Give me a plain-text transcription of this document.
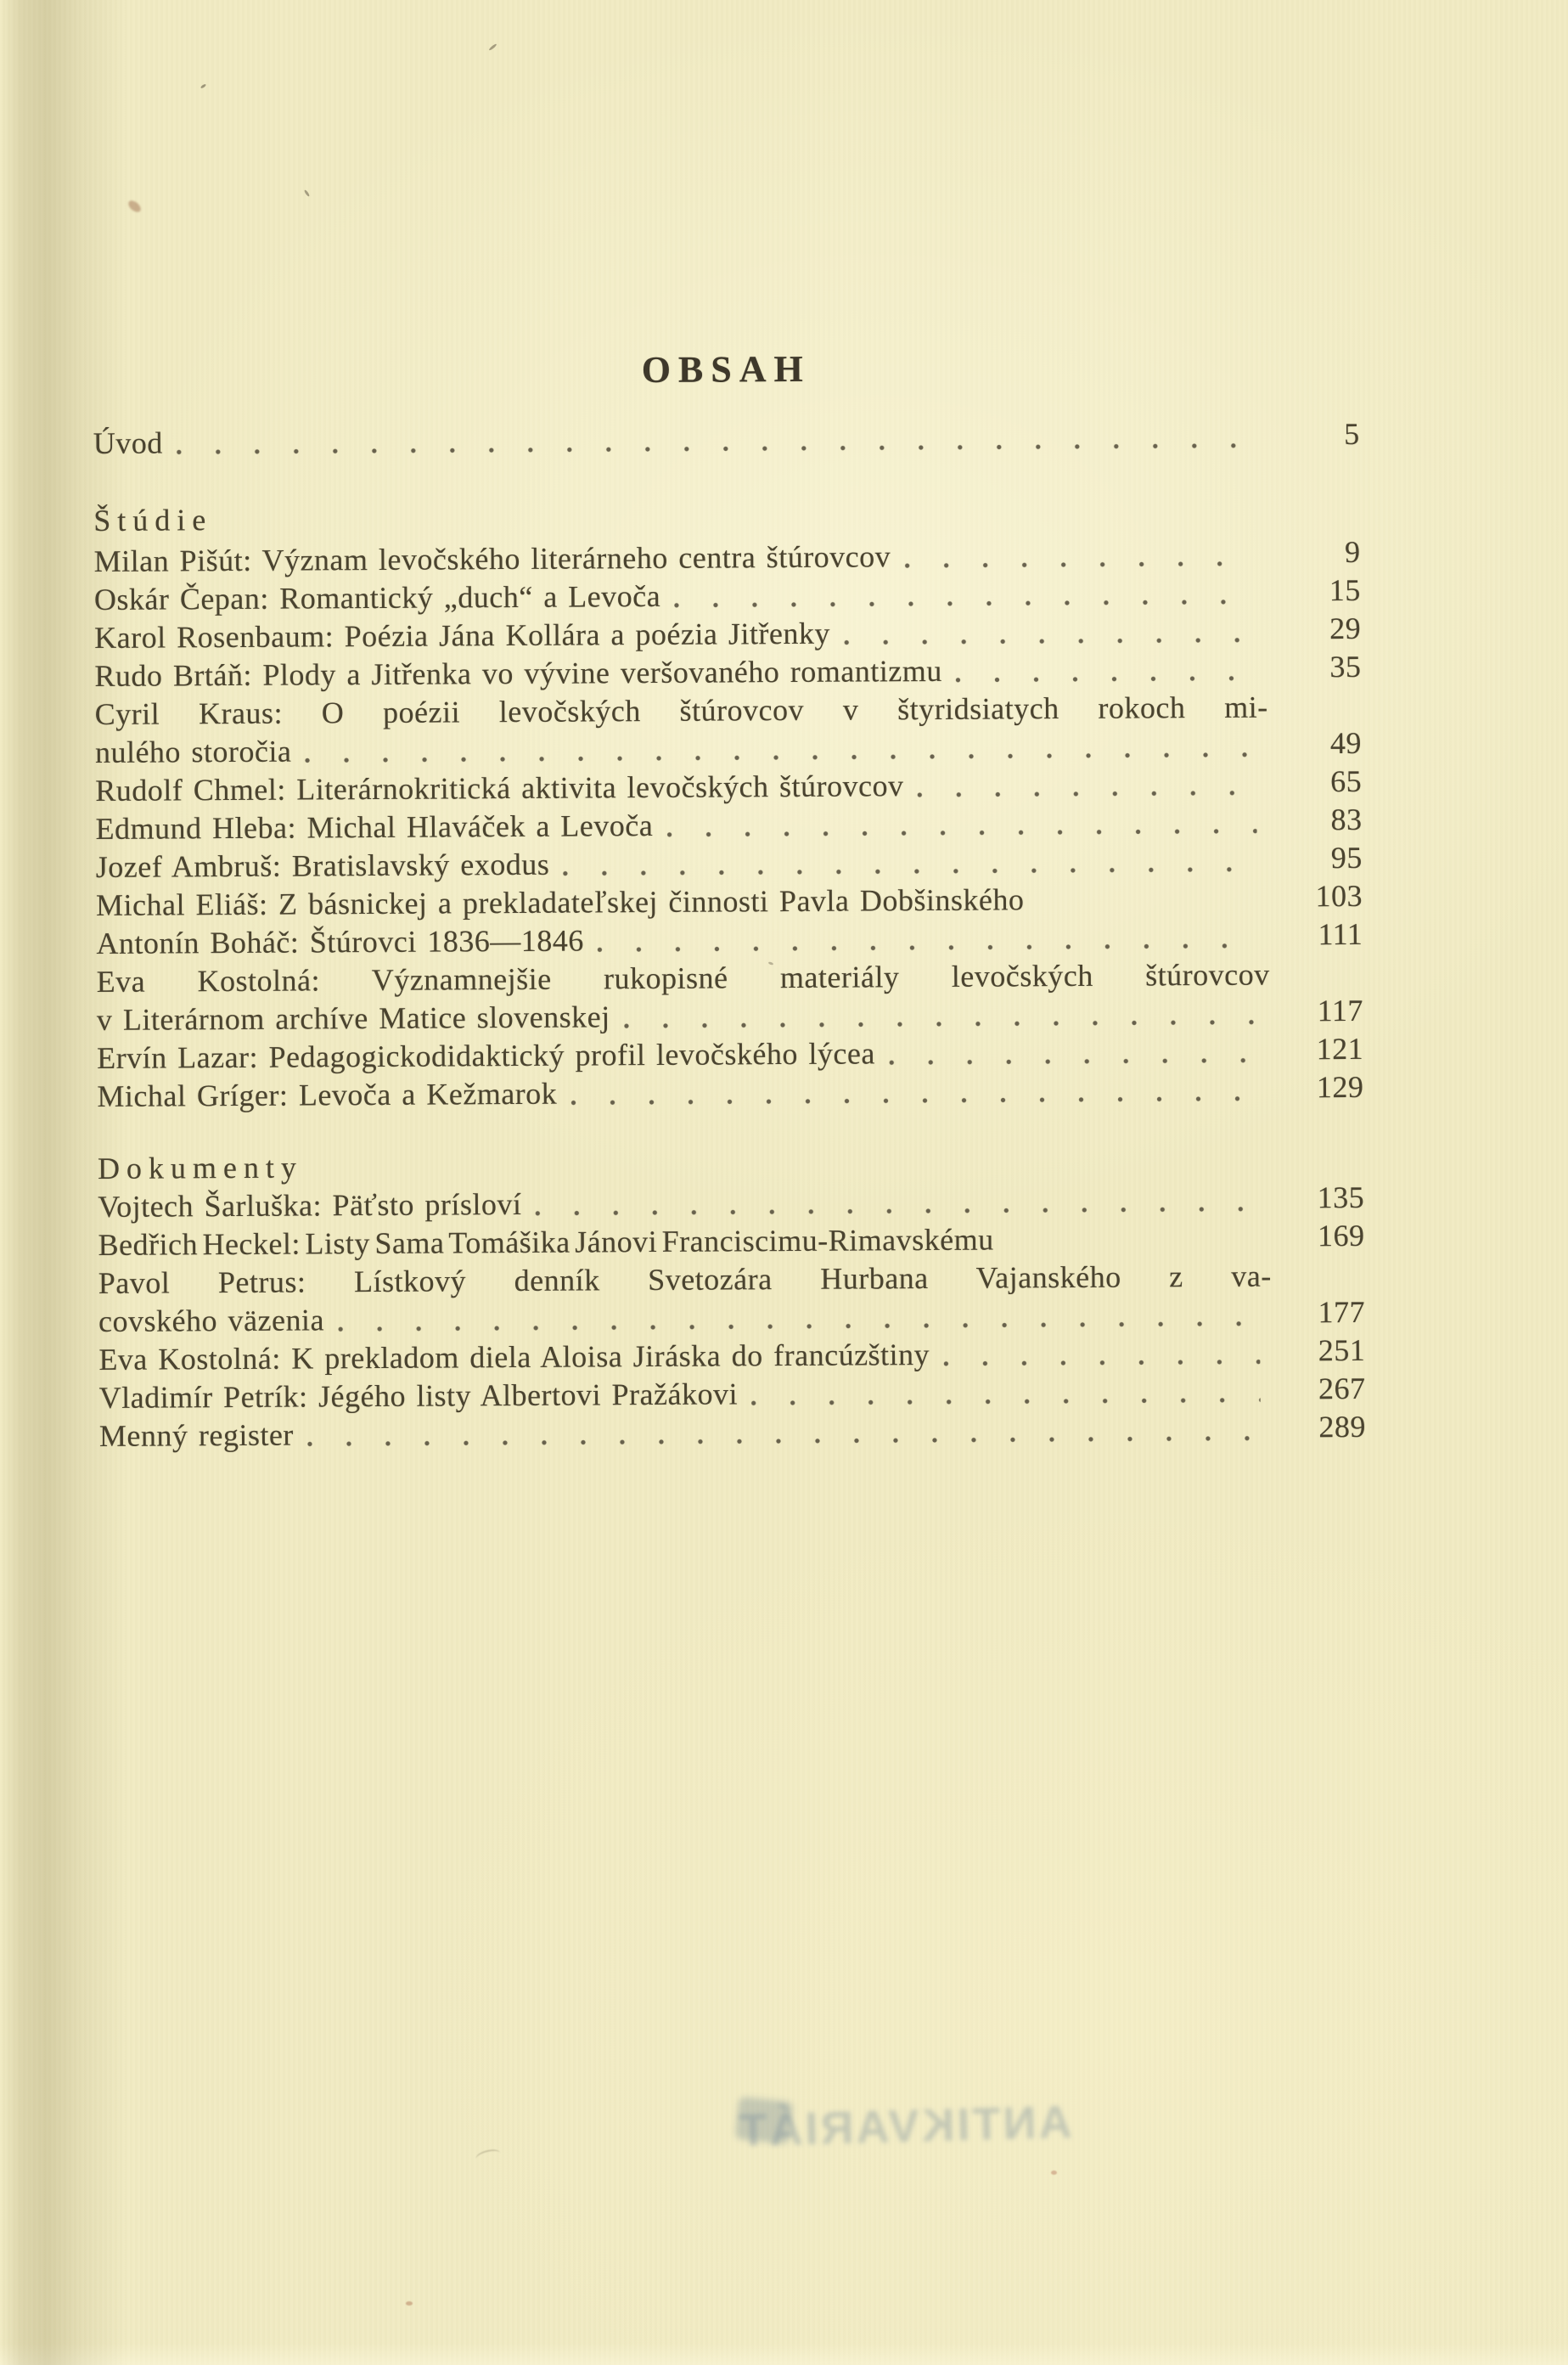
OBSAH
Úvod	5
Štúdie
Milan Pišút: Význam levočského literárneho centra štúrovcov	9
Oskár Čepan: Romantický „duch“ a Levoča	15
Karol Rosenbaum: Poézia Jána Kollára a poézia Jitřenky	29
Rudo Brtáň: Plody a Jitřenka vo vývine veršovaného romantizmu	35
Cyril Kraus: O poézii levočských štúrovcov v štyridsiatych rokoch mi-
nulého storočia	49
Rudolf Chmel: Literárnokritická aktivita levočských štúrovcov	65
Edmund Hleba: Michal Hlaváček a Levoča	83
Jozef Ambruš: Bratislavský exodus	95
Michal Eliáš: Z básnickej a prekladateľskej činnosti Pavla Dobšinského	103
Antonín Boháč: Štúrovci 1836—1846	111
Eva Kostolná: Významnejšie rukopisné materiály levočských štúrovcov
v Literárnom archíve Matice slovenskej	117
Ervín Lazar: Pedagogickodidaktický profil levočského lýcea	121
Michal Gríger: Levoča a Kežmarok	129
Dokumenty
Vojtech Šarluška: Päťsto prísloví	135
Bedřich Heckel: Listy Sama Tomášika Jánovi Franciscimu-Rimavskému	169
Pavol Petrus: Lístkový denník Svetozára Hurbana Vajanského z va-
covského väzenia	177
Eva Kostolná: K prekladom diela Aloisa Jiráska do francúzštiny	251
Vladimír Petrík: Jégého listy Albertovi Pražákovi	267
Menný register	289
ANTIKVARIÁT
